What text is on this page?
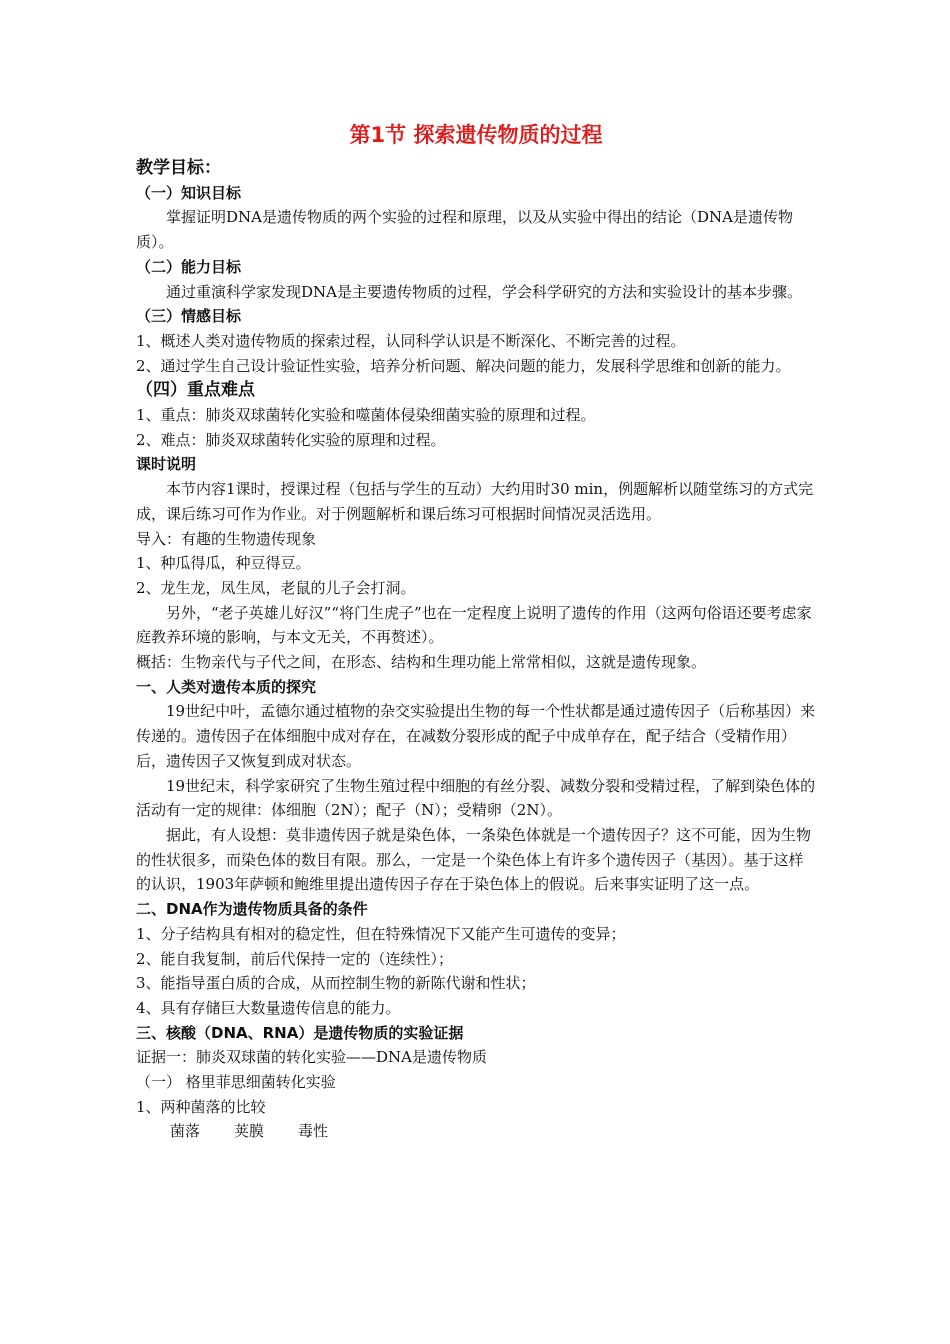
第1节 探索遗传物质的过程

教学目标：

（一）知识目标

掌握证明DNA是遗传物质的两个实验的过程和原理，以及从实验中得出的结论（DNA是遗传物质）。

（二）能力目标

通过重演科学家发现DNA是主要遗传物质的过程，学会科学研究的方法和实验设计的基本步骤。

（三）情感目标

1、概述人类对遗传物质的探索过程，认同科学认识是不断深化、不断完善的过程。

2、通过学生自己设计验证性实验，培养分析问题、解决问题的能力，发展科学思维和创新的能力。

（四）重点难点

1、重点：肺炎双球菌转化实验和噬菌体侵染细菌实验的原理和过程。

2、难点：肺炎双球菌转化实验的原理和过程。

课时说明

本节内容1课时，授课过程（包括与学生的互动）大约用时30 min，例题解析以随堂练习的方式完成，课后练习可作为作业。对于例题解析和课后练习可根据时间情况灵活选用。

导入：有趣的生物遗传现象

1、种瓜得瓜，种豆得豆。

2、龙生龙，凤生凤，老鼠的儿子会打洞。

另外，“老子英雄儿好汉”“将门生虎子”也在一定程度上说明了遗传的作用（这两句俗语还要考虑家庭教养环境的影响，与本文无关，不再赘述）。

概括：生物亲代与子代之间，在形态、结构和生理功能上常常相似，这就是遗传现象。

一、人类对遗传本质的探究

19世纪中叶，孟德尔通过植物的杂交实验提出生物的每一个性状都是通过遗传因子（后称基因）来传递的。遗传因子在体细胞中成对存在，在减数分裂形成的配子中成单存在，配子结合（受精作用）后，遗传因子又恢复到成对状态。

19世纪末，科学家研究了生物生殖过程中细胞的有丝分裂、减数分裂和受精过程，了解到染色体的活动有一定的规律：体细胞（2N）；配子（N）；受精卵（2N）。

据此，有人设想：莫非遗传因子就是染色体，一条染色体就是一个遗传因子？这不可能，因为生物的性状很多，而染色体的数目有限。那么，一定是一个染色体上有许多个遗传因子（基因）。基于这样的认识，1903年萨顿和鲍维里提出遗传因子存在于染色体上的假说。后来事实证明了这一点。

二、DNA作为遗传物质具备的条件

1、分子结构具有相对的稳定性，但在特殊情况下又能产生可遗传的变异；

2、能自我复制，前后代保持一定的（连续性）；

3、能指导蛋白质的合成，从而控制生物的新陈代谢和性状；

4、具有存储巨大数量遗传信息的能力。

三、核酸（DNA、RNA）是遗传物质的实验证据

证据一：肺炎双球菌的转化实验——DNA是遗传物质

（一） 格里菲思细菌转化实验

1、两种菌落的比较

菌落 荚膜 毒性
